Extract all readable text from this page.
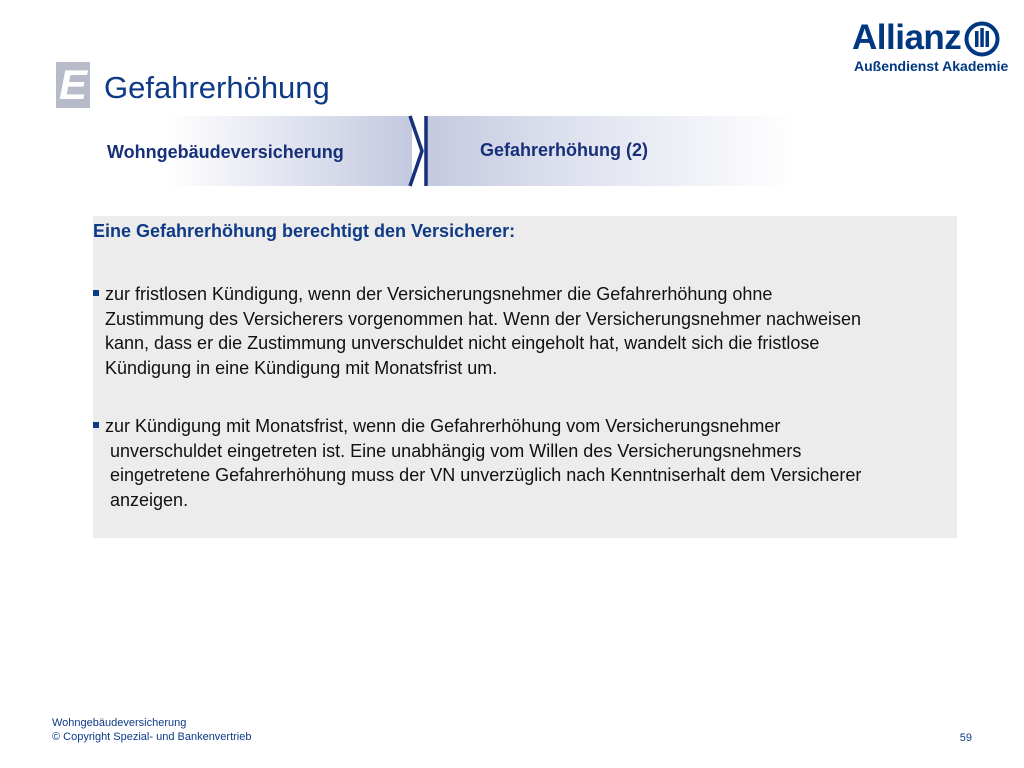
Allianz
Außendienst Akademie
E Gefahrerhöhung
Wohngebäudeversicherung	Gefahrerhöhung (2)
Eine Gefahrerhöhung berechtigt den Versicherer:
zur fristlosen Kündigung, wenn der Versicherungsnehmer die Gefahrerhöhung ohne
Zustimmung des Versicherers vorgenommen hat. Wenn der Versicherungsnehmer nachweisen
kann, dass er die Zustimmung unverschuldet nicht eingeholt hat, wandelt sich die fristlose
Kündigung in eine Kündigung mit Monatsfrist um.
zur Kündigung mit Monatsfrist, wenn die Gefahrerhöhung vom Versicherungsnehmer
unverschuldet eingetreten ist. Eine unabhängig vom Willen des Versicherungsnehmers
eingetretene Gefahrerhöhung muss der VN unverzüglich nach Kenntniserhalt dem Versicherer
anzeigen.
Wohngebäudeversicherung
© Copyright Spezial- und Bankenvertrieb	59
